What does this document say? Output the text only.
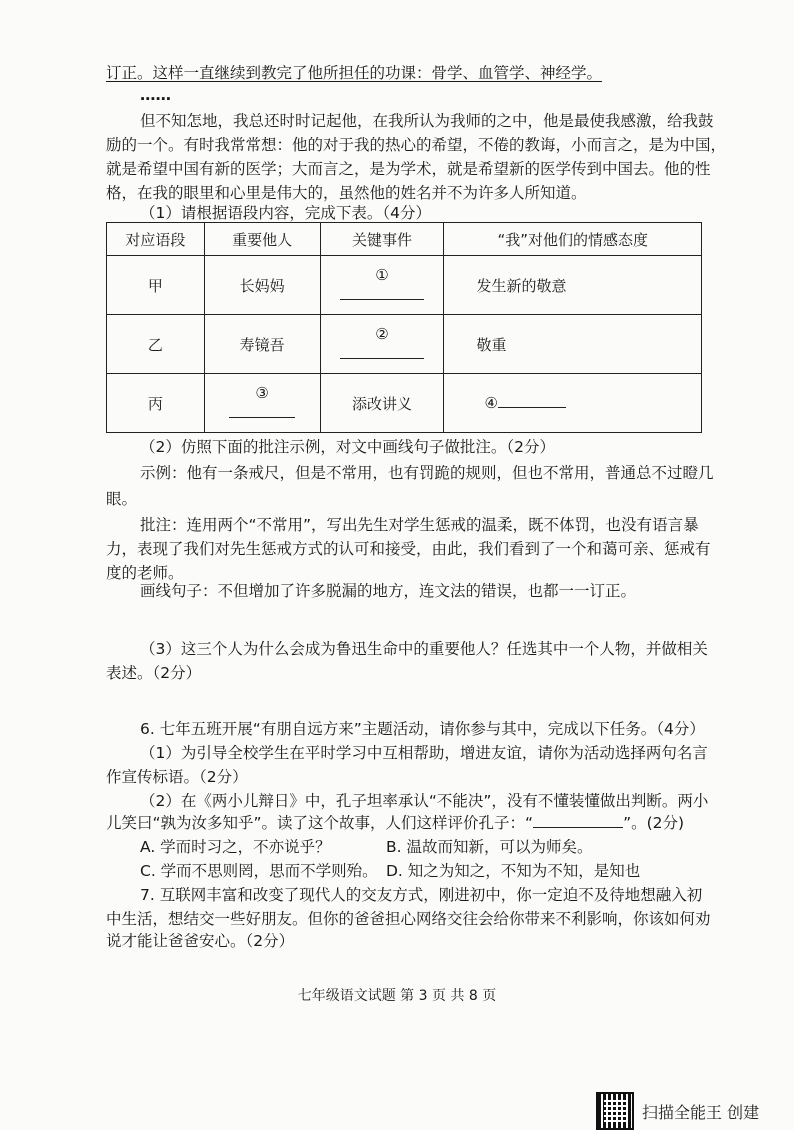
订正。这样一直继续到教完了他所担任的功课：骨学、血管学、神经学。
……
但不知怎地，我总还时时记起他，在我所认为我师的之中，他是最使我感激，给我鼓
励的一个。有时我常常想：他的对于我的热心的希望，不倦的教诲，小而言之，是为中国，
就是希望中国有新的医学；大而言之，是为学术，就是希望新的医学传到中国去。他的性
格，在我的眼里和心里是伟大的，虽然他的姓名并不为许多人所知道。
（1）请根据语段内容，完成下表。（4分）
对应语段	重要他人	关键事件	“我”对他们的情感态度
甲	长妈妈	①	发生新的敬意
乙	寿镜吾	②	敬重
丙	③	添改讲义	④
（2）仿照下面的批注示例，对文中画线句子做批注。（2分）
示例：他有一条戒尺，但是不常用，也有罚跪的规则，但也不常用，普通总不过瞪几
眼。
批注：连用两个“不常用”，写出先生对学生惩戒的温柔，既不体罚，也没有语言暴
力，表现了我们对先生惩戒方式的认可和接受，由此，我们看到了一个和蔼可亲、惩戒有
度的老师。
画线句子：不但增加了许多脱漏的地方，连文法的错误，也都一一订正。
（3）这三个人为什么会成为鲁迅生命中的重要他人？任选其中一个人物，并做相关
表述。（2分）
6. 七年五班开展“有朋自远方来”主题活动，请你参与其中，完成以下任务。（4分）
（1）为引导全校学生在平时学习中互相帮助，增进友谊，请你为活动选择两句名言
作宣传标语。（2分）
（2）在《两小儿辩日》中，孔子坦率承认“不能决”，没有不懂装懂做出判断。两小
儿笑曰“孰为汝多知乎”。读了这个故事，人们这样评价孔子：“	”。(2分)
A. 学而时习之，不亦说乎？	B. 温故而知新，可以为师矣。
C. 学而不思则罔，思而不学则殆。 D. 知之为知之，不知为不知，是知也
7. 互联网丰富和改变了现代人的交友方式，刚进初中，你一定迫不及待地想融入初
中生活，想结交一些好朋友。但你的爸爸担心网络交往会给你带来不利影响，你该如何劝
说才能让爸爸安心。（2分）
七年级语文试题 第 3 页 共 8 页
扫描全能王 创建
